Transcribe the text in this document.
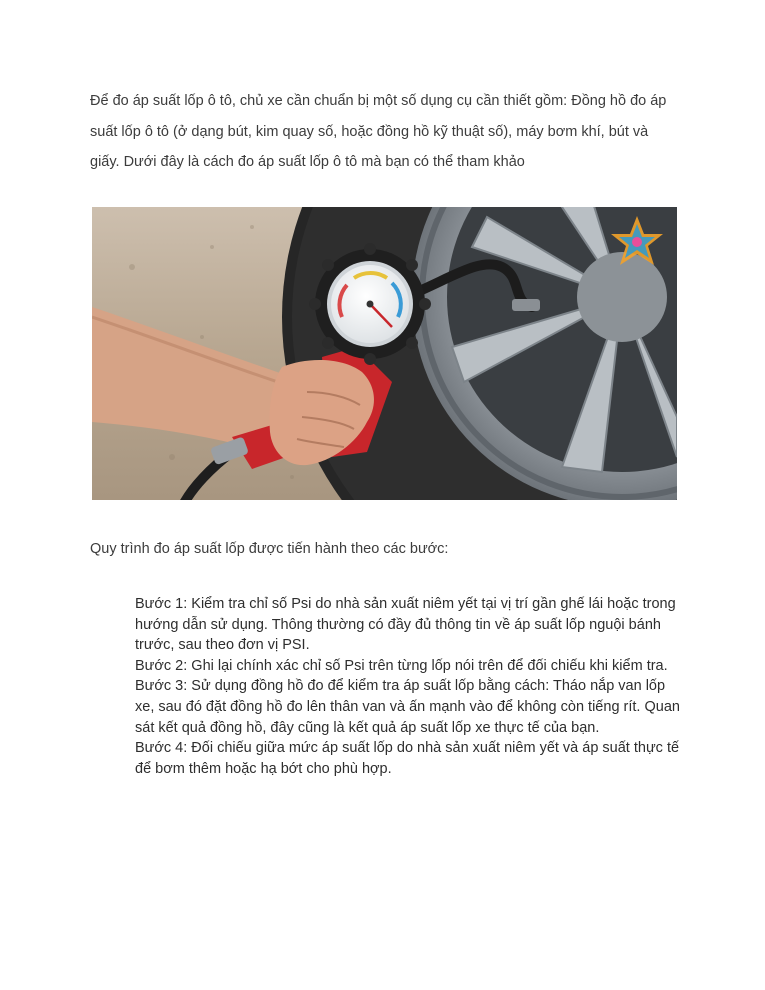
Để đo áp suất lốp ô tô, chủ xe cần chuẩn bị một số dụng cụ cần thiết gồm: Đồng hồ đo áp suất lốp ô tô (ở dạng bút, kim quay số, hoặc đồng hồ kỹ thuật số), máy bơm khí, bút và giấy. Dưới đây là cách đo áp suất lốp ô tô mà bạn có thể tham khảo

Quy trình đo áp suất lốp được tiến hành theo các bước:

Bước 1: Kiểm tra chỉ số Psi do nhà sản xuất niêm yết tại vị trí gần ghế lái hoặc trong hướng dẫn sử dụng. Thông thường có đầy đủ thông tin về áp suất lốp nguội bánh trước, sau theo đơn vị PSI.
Bước 2: Ghi lại chính xác chỉ số Psi trên từng lốp nói trên để đối chiếu khi kiểm tra.
Bước 3: Sử dụng đồng hồ đo để kiểm tra áp suất lốp bằng cách: Tháo nắp van lốp xe, sau đó đặt đồng hồ đo lên thân van và ấn mạnh vào để không còn tiếng rít. Quan sát kết quả đồng hồ, đây cũng là kết quả áp suất lốp xe thực tế của bạn.
Bước 4: Đối chiếu giữa mức áp suất lốp do nhà sản xuất niêm yết và áp suất thực tế để bơm thêm hoặc hạ bớt cho phù hợp.
